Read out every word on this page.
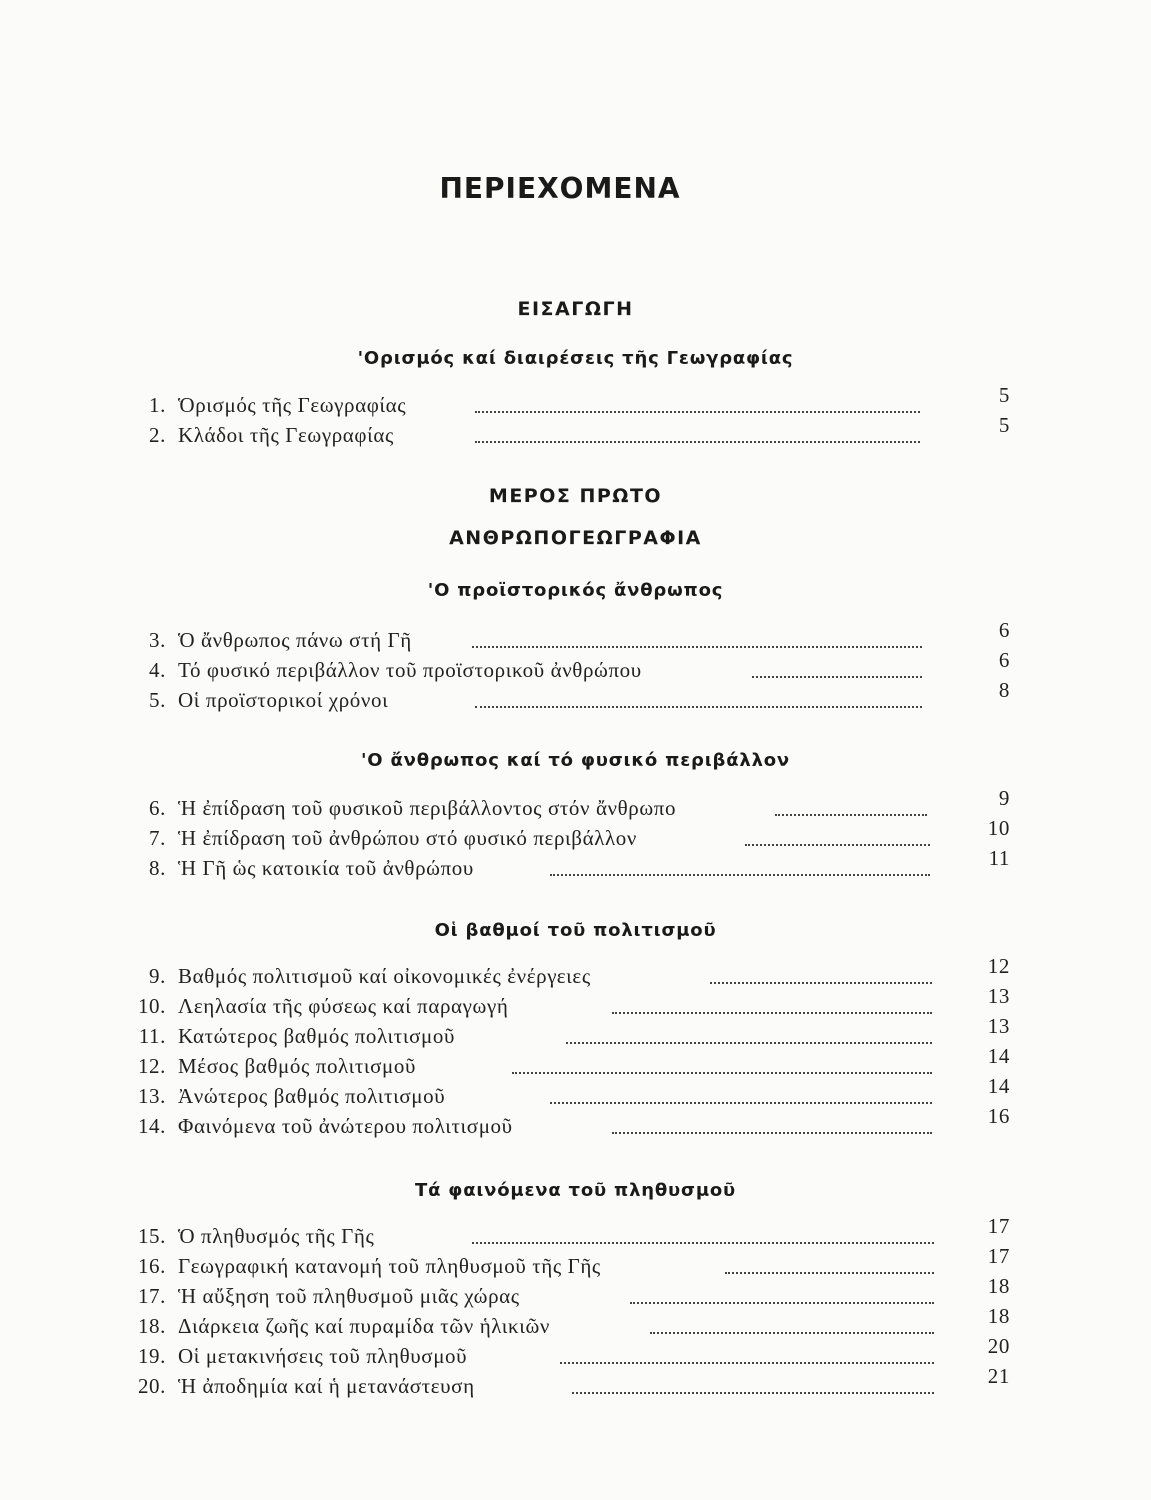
ΠΕΡΙΕΧΟΜΕΝΑ
ΕΙΣΑΓΩΓΗ
'Ορισμός καί διαιρέσεις τῆς Γεωγραφίας
1. Ὁρισμός τῆς Γεωγραφίας	5
2. Κλάδοι τῆς Γεωγραφίας	5
ΜΕΡΟΣ ΠΡΩΤΟ
ΑΝΘΡΩΠΟΓΕΩΓΡΑΦΙΑ
'Ο προϊστορικός ἄνθρωπος
3. Ὁ ἄνθρωπος πάνω στή Γῆ	6
4. Τό φυσικό περιβάλλον τοῦ προϊστορικοῦ ἀνθρώπου	6
5. Οἱ προϊστορικοί χρόνοι	8
'Ο ἄνθρωπος καί τό φυσικό περιβάλλον
6. Ἡ ἐπίδραση τοῦ φυσικοῦ περιβάλλοντος στόν ἄνθρωπο	9
7. Ἡ ἐπίδραση τοῦ ἀνθρώπου στό φυσικό περιβάλλον	10
8. Ἡ Γῆ ὡς κατοικία τοῦ ἀνθρώπου	11
Οἱ βαθμοί τοῦ πολιτισμοῦ
9. Βαθμός πολιτισμοῦ καί οἰκονομικές ἐνέργειες	12
10. Λεηλασία τῆς φύσεως καί παραγωγή	13
11. Κατώτερος βαθμός πολιτισμοῦ	13
12. Μέσος βαθμός πολιτισμοῦ	14
13. Ἀνώτερος βαθμός πολιτισμοῦ	14
14. Φαινόμενα τοῦ ἀνώτερου πολιτισμοῦ	16
Τά φαινόμενα τοῦ πληθυσμοῦ
15. Ὁ πληθυσμός τῆς Γῆς	17
16. Γεωγραφική κατανομή τοῦ πληθυσμοῦ τῆς Γῆς	17
17. Ἡ αὔξηση τοῦ πληθυσμοῦ μιᾶς χώρας	18
18. Διάρκεια ζωῆς καί πυραμίδα τῶν ἡλικιῶν	18
19. Οἱ μετακινήσεις τοῦ πληθυσμοῦ	20
20. Ἡ ἀποδημία καί ἡ μετανάστευση	21
